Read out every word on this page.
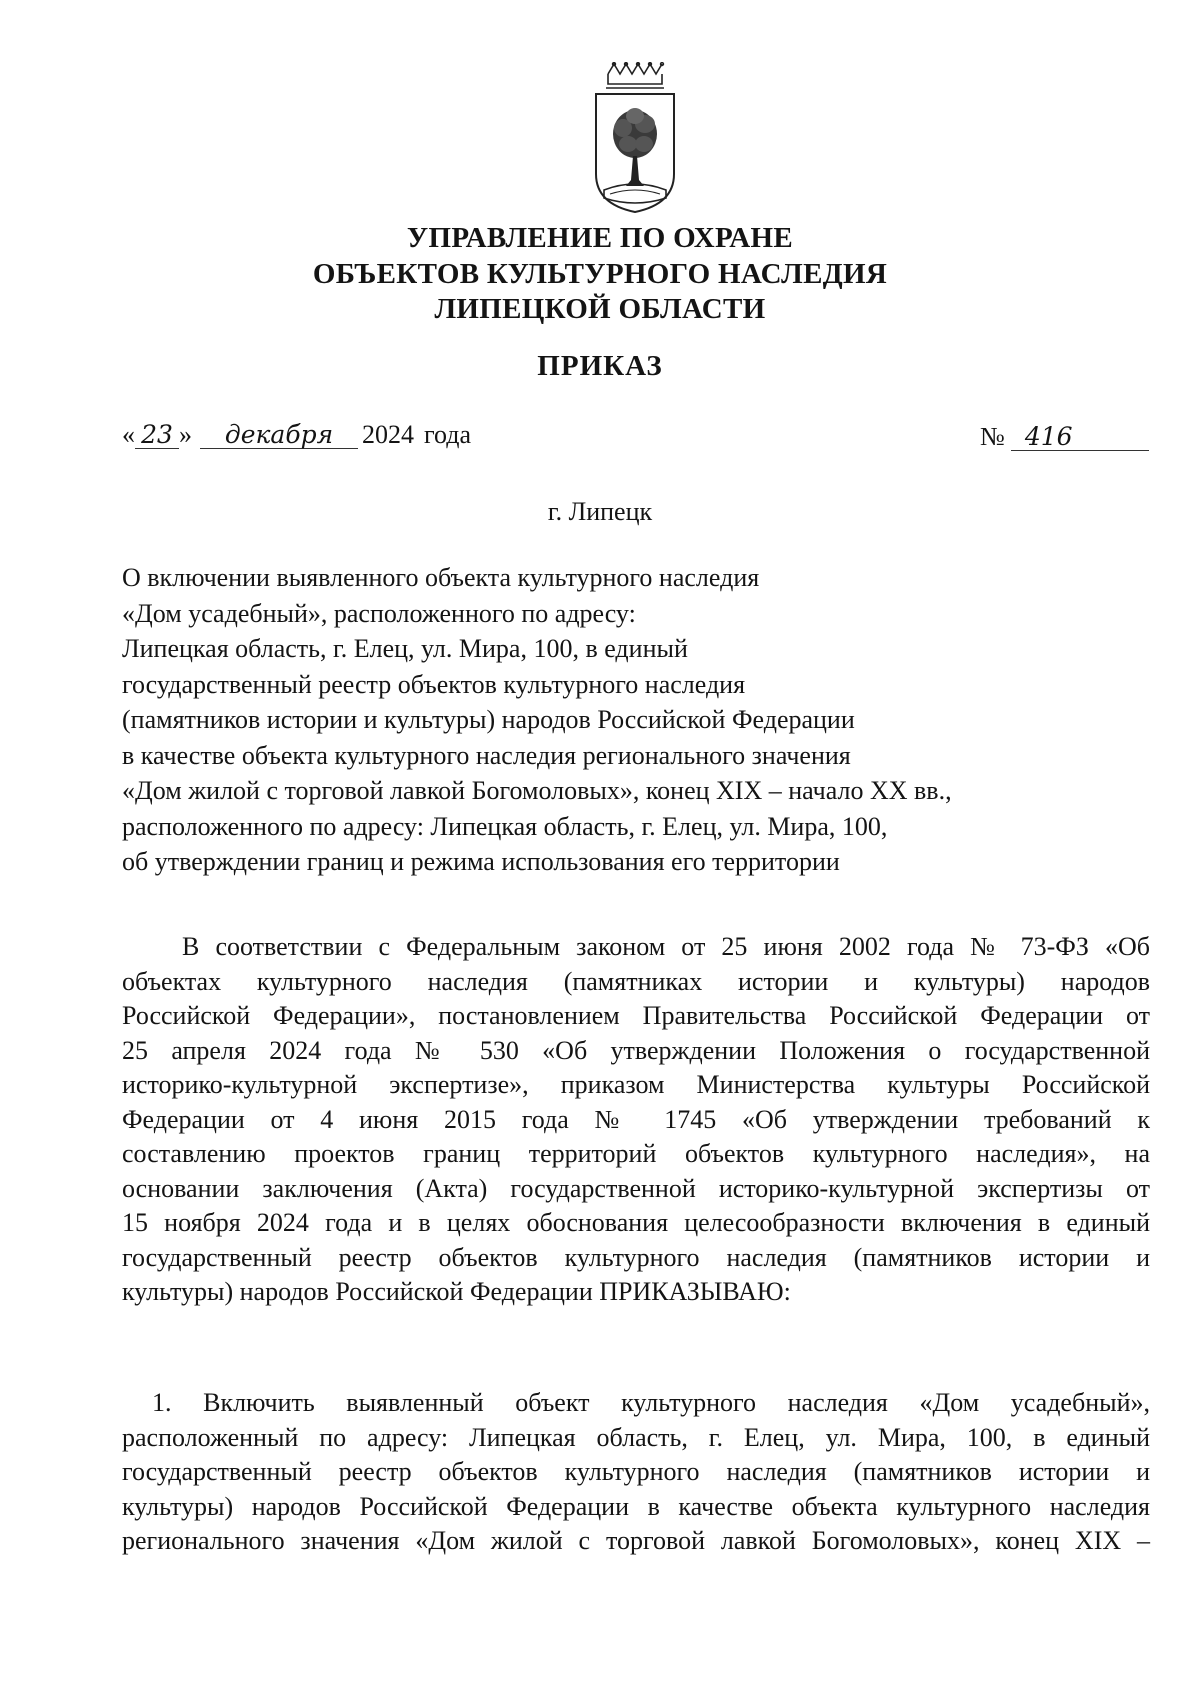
УПРАВЛЕНИЕ ПО ОХРАНЕ
ОБЪЕКТОВ КУЛЬТУРНОГО НАСЛЕДИЯ
ЛИПЕЦКОЙ ОБЛАСТИ
ПРИКАЗ
« 23 » декабря 2024 года	№ 416
г. Липецк
О включении выявленного объекта культурного наследия
«Дом усадебный», расположенного по адресу:
Липецкая область, г. Елец, ул. Мира, 100, в единый
государственный реестр объектов культурного наследия
(памятников истории и культуры) народов Российской Федерации
в качестве объекта культурного наследия регионального значения
«Дом жилой с торговой лавкой Богомоловых», конец XIX – начало XX вв.,
расположенного по адресу: Липецкая область, г. Елец, ул. Мира, 100,
об утверждении границ и режима использования его территории
В соответствии с Федеральным законом от 25 июня 2002 года № 73-ФЗ «Об
объектах культурного наследия (памятниках истории и культуры) народов
Российской Федерации», постановлением Правительства Российской Федерации от
25 апреля 2024 года № 530 «Об утверждении Положения о государственной
историко-культурной экспертизе», приказом Министерства культуры Российской
Федерации от 4 июня 2015 года № 1745 «Об утверждении требований к
составлению проектов границ территорий объектов культурного наследия», на
основании заключения (Акта) государственной историко-культурной экспертизы от
15 ноября 2024 года и в целях обоснования целесообразности включения в единый
государственный реестр объектов культурного наследия (памятников истории и
культуры) народов Российской Федерации ПРИКАЗЫВАЮ:
1. Включить выявленный объект культурного наследия «Дом усадебный»,
расположенный по адресу: Липецкая область, г. Елец, ул. Мира, 100, в единый
государственный реестр объектов культурного наследия (памятников истории и
культуры) народов Российской Федерации в качестве объекта культурного наследия
регионального значения «Дом жилой с торговой лавкой Богомоловых», конец XIX –
